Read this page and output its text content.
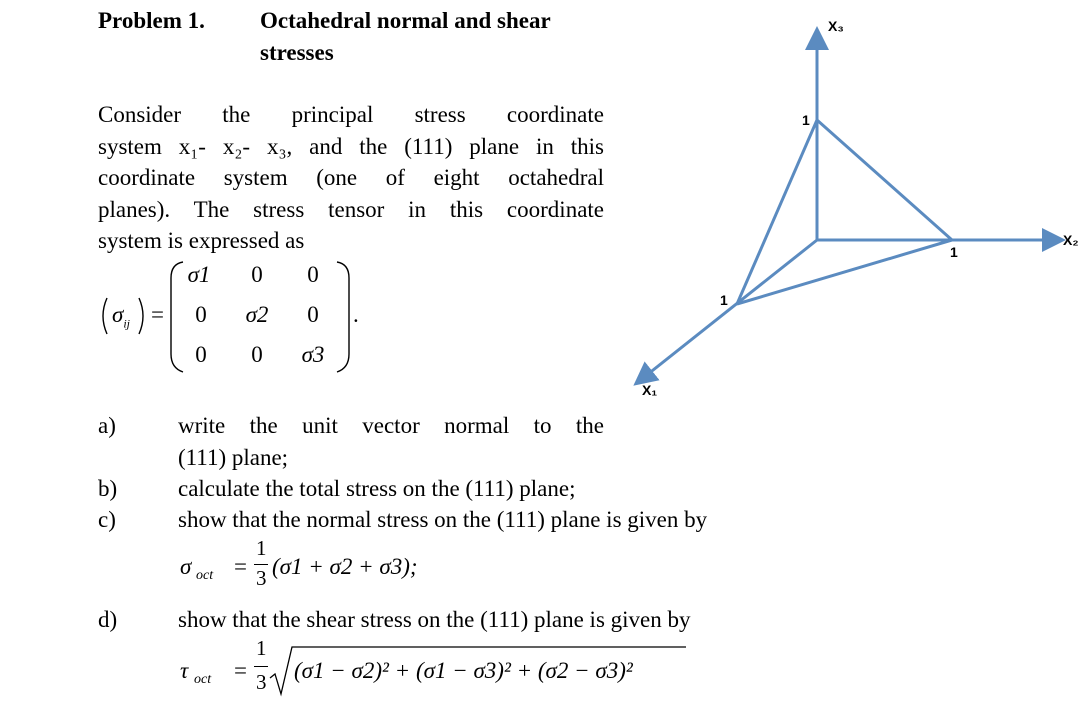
Problem 1. Octahedral normal and shear
stresses
Consider the principal stress coordinate
system x₁- x₂- x₃, and the (111) plane in this
coordinate system (one of eight octahedral
planes). The stress tensor in this coordinate
system is expressed as
$\sigma_{ij}$ =
σ1	0	0
0	σ2	0
0	0	σ3
.
a)	write the unit vector normal to the
(111) plane;
b)	calculate the total stress on the (111) plane;
c)	show that the normal stress on the (111) plane is given by
σ oct =
1
3 (σ1 + σ2 + σ3);
d)	show that the shear stress on the (111) plane is given by
τ oct =
1
3 (σ1 − σ2)² + (σ1 − σ3)² + (σ2 − σ3)²
X₃
X₂
X₁
1
1
1
